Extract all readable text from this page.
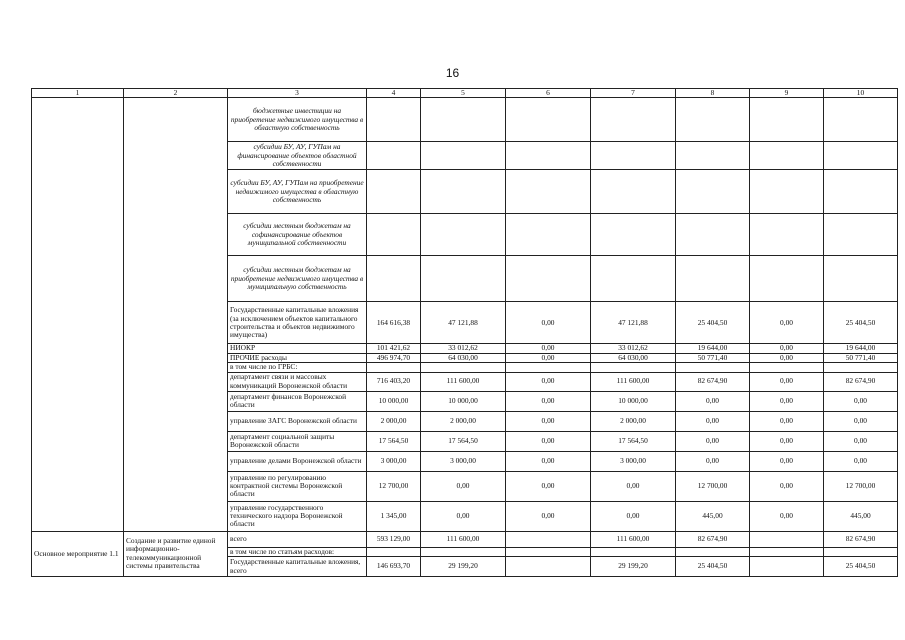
16
1	2	3	4	5	6	7	8	9	10
		бюджетные инвестиции на приобретение недвижимого имущества в областную собственность							
		субсидии БУ, АУ, ГУПам на финансирование объектов областной собственности							
		субсидии БУ, АУ, ГУПам на приобретение недвижимого имущества в областную собственность							
		субсидии местным бюджетам на софинансирование объектов муниципальной собственности							
		субсидии местным бюджетам на приобретение недвижимого имущества в муниципальную собственность							
		Государственные капитальные вложения (за исключением объектов капитального строительства и объектов недвижимого имущества)	164 616,38	47 121,88	0,00	47 121,88	25 404,50	0,00	25 404,50
		НИОКР	101 421,62	33 012,62	0,00	33 012,62	19 644,00	0,00	19 644,00
		ПРОЧИЕ расходы	496 974,70	64 030,00	0,00	64 030,00	50 771,40	0,00	50 771,40
		в том числе по ГРБС:							
		департамент связи и массовых коммуникаций Воронежской области	716 403,20	111 600,00	0,00	111 600,00	82 674,90	0,00	82 674,90
		департамент финансов Воронежской области	10 000,00	10 000,00	0,00	10 000,00	0,00	0,00	0,00
		управление ЗАГС Воронежской области	2 000,00	2 000,00	0,00	2 000,00	0,00	0,00	0,00
		департамент социальной защиты Воронежской области	17 564,50	17 564,50	0,00	17 564,50	0,00	0,00	0,00
		управление делами Воронежской области	3 000,00	3 000,00	0,00	3 000,00	0,00	0,00	0,00
		управление по регулированию контрактной системы Воронежской области	12 700,00	0,00	0,00	0,00	12 700,00	0,00	12 700,00
		управление государственного технического надзора Воронежской области	1 345,00	0,00	0,00	0,00	445,00	0,00	445,00
Основное мероприятие 1.1	Создание и развитие единой информационно-телекоммуникационной системы правительства	всего	593 129,00	111 600,00		111 600,00	82 674,90		82 674,90
		в том числе по статьям расходов:							
		Государственные капитальные вложения, всего	146 693,70	29 199,20		29 199,20	25 404,50		25 404,50
